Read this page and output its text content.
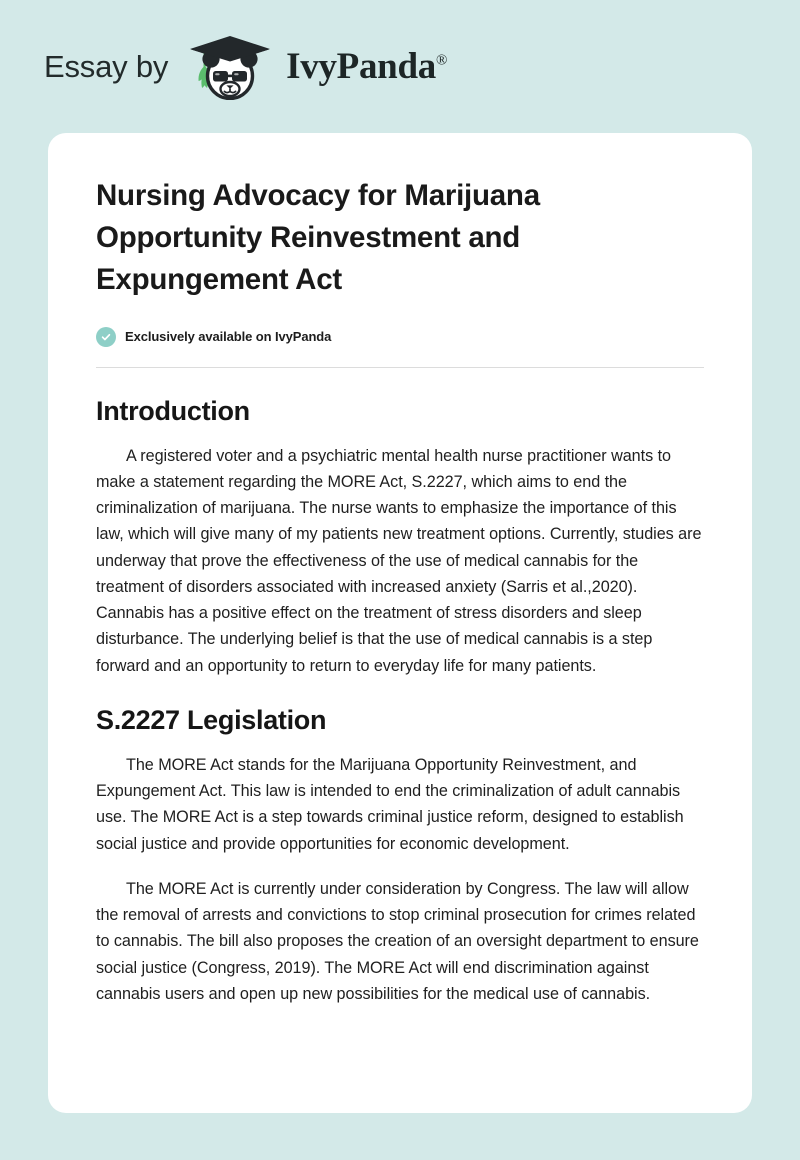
Essay by	IvyPanda®
Nursing Advocacy for Marijuana Opportunity Reinvestment and Expungement Act
Exclusively available on IvyPanda
Introduction

A registered voter and a psychiatric mental health nurse practitioner wants to make a statement regarding the MORE Act, S.2227, which aims to end the criminalization of marijuana. The nurse wants to emphasize the importance of this law, which will give many of my patients new treatment options. Currently, studies are underway that prove the effectiveness of the use of medical cannabis for the treatment of disorders associated with increased anxiety (Sarris et al.,2020). Cannabis has a positive effect on the treatment of stress disorders and sleep disturbance. The underlying belief is that the use of medical cannabis is a step forward and an opportunity to return to everyday life for many patients.

S.2227 Legislation

The MORE Act stands for the Marijuana Opportunity Reinvestment, and Expungement Act. This law is intended to end the criminalization of adult cannabis use. The MORE Act is a step towards criminal justice reform, designed to establish social justice and provide opportunities for economic development.

The MORE Act is currently under consideration by Congress. The law will allow the removal of arrests and convictions to stop criminal prosecution for crimes related to cannabis. The bill also proposes the creation of an oversight department to ensure social justice (Congress, 2019). The MORE Act will end discrimination against cannabis users and open up new possibilities for the medical use of cannabis.
